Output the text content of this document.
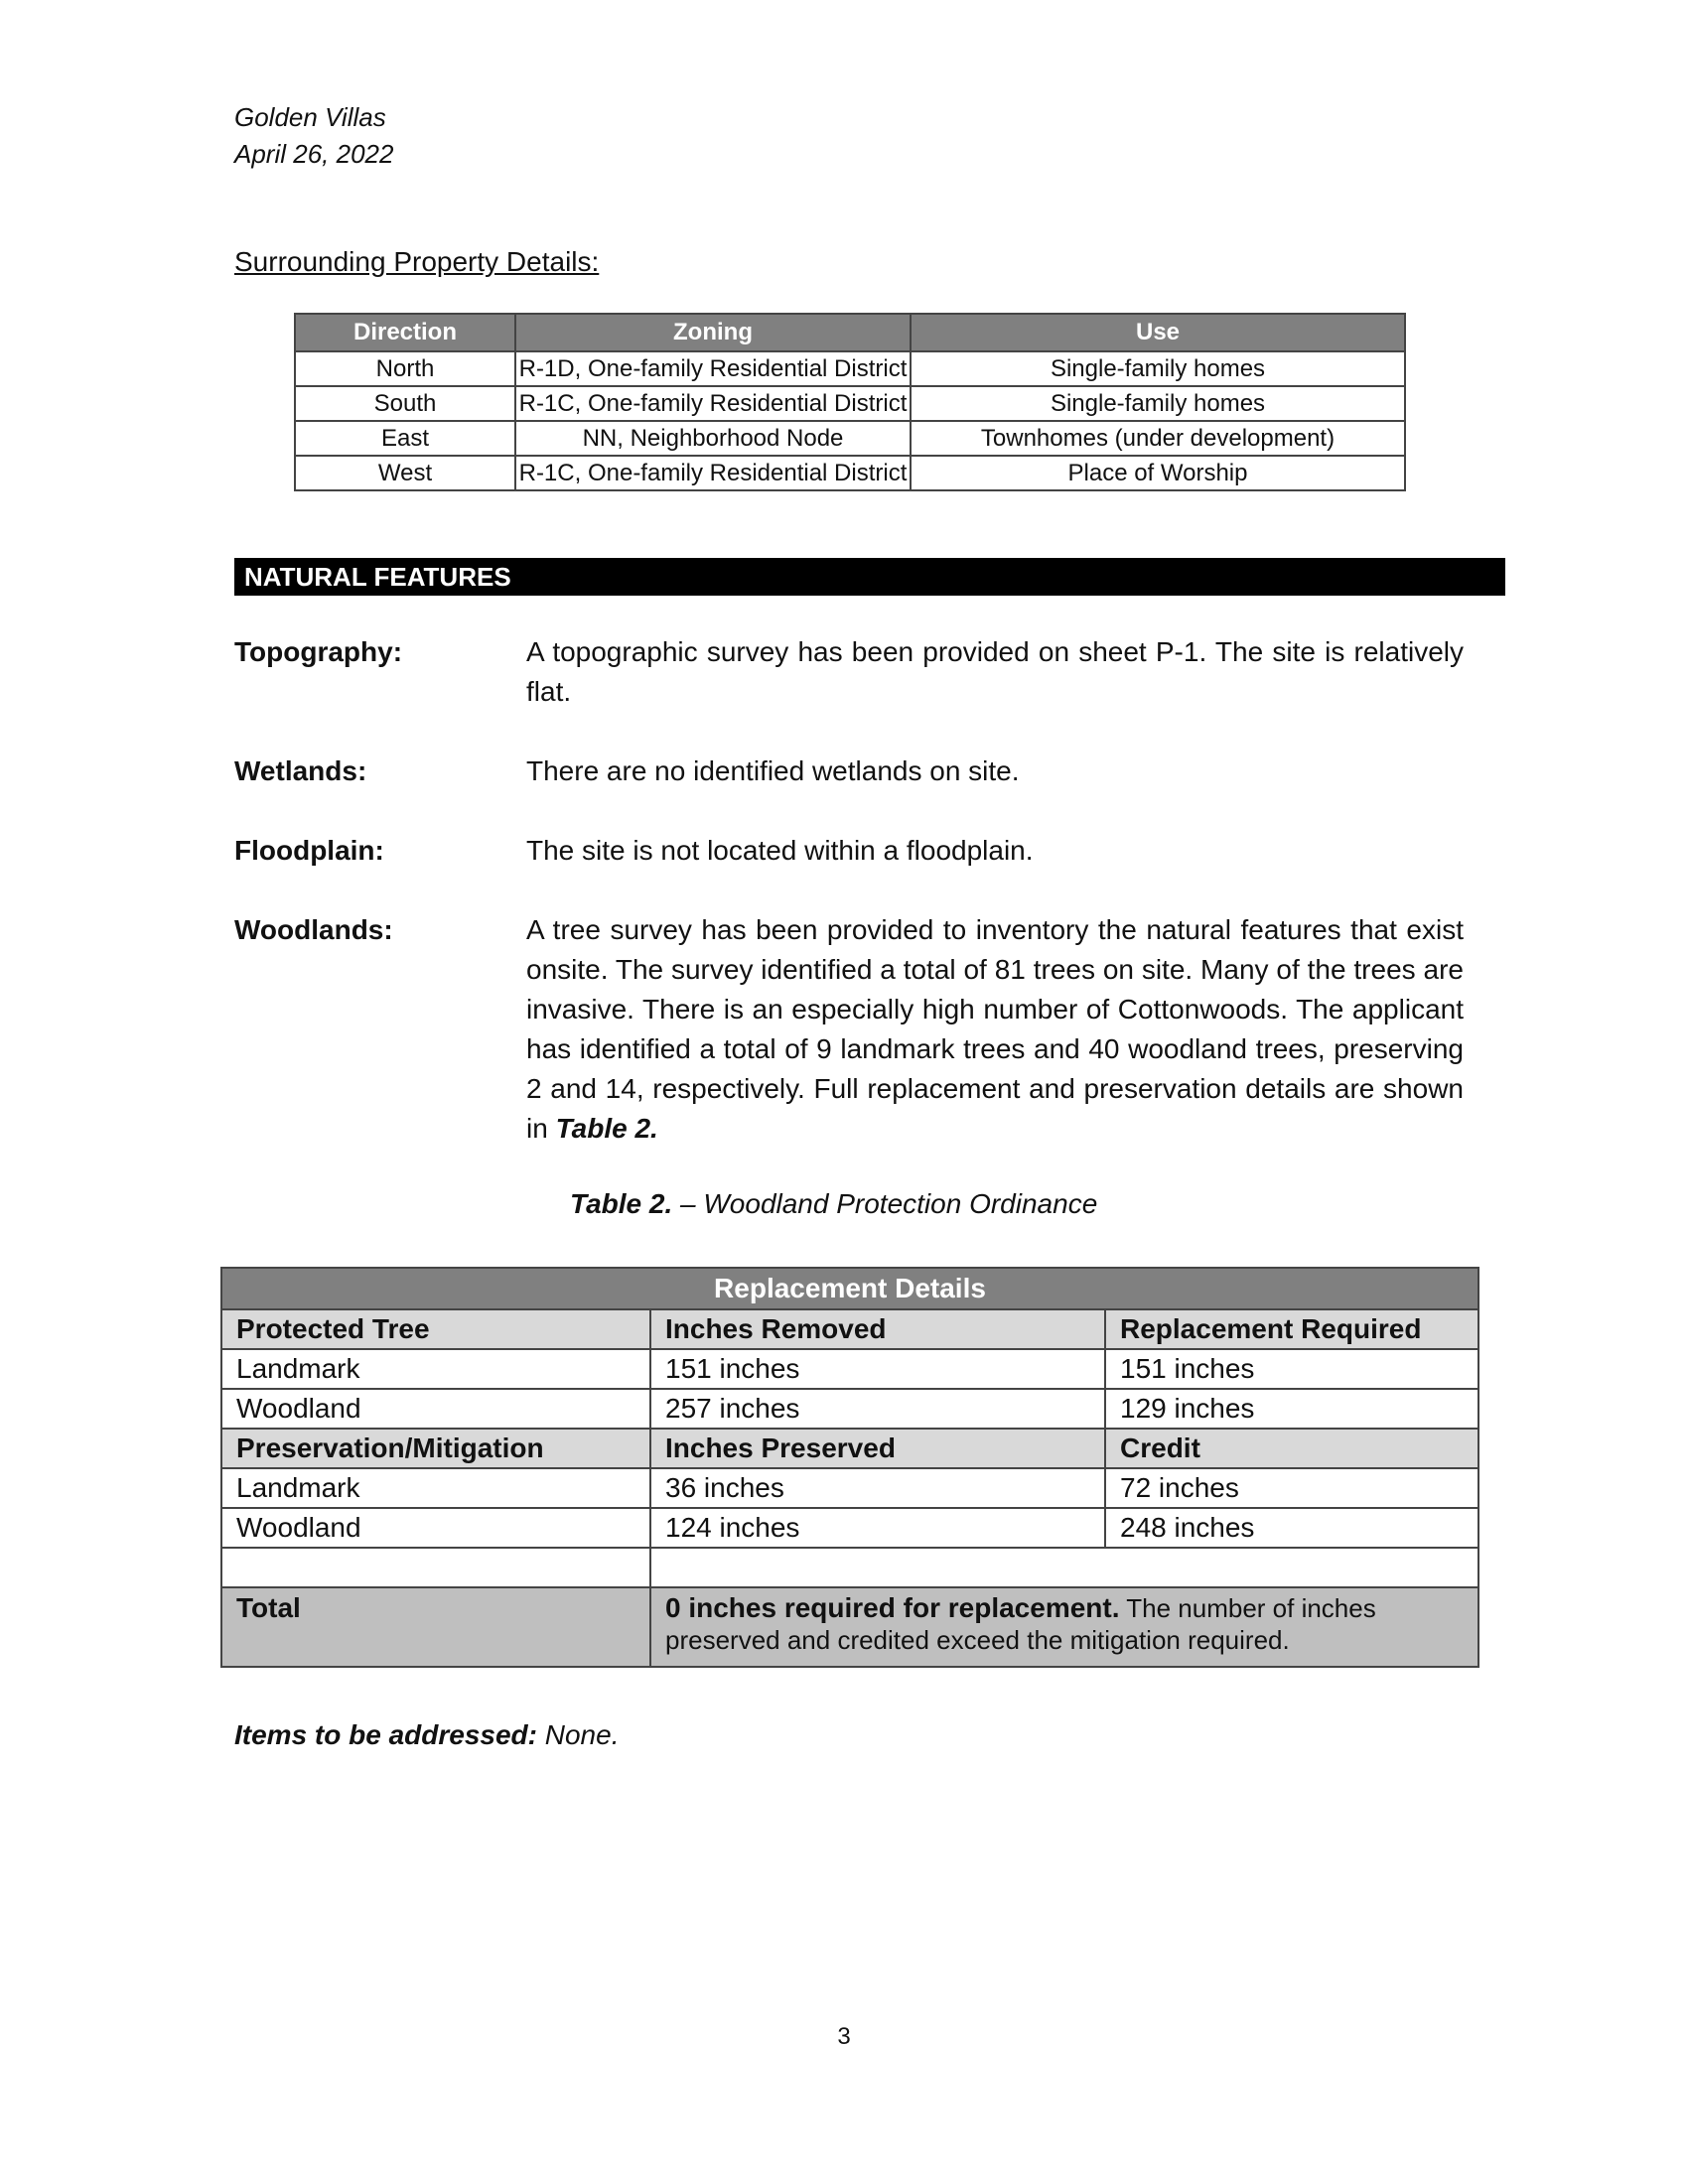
Golden Villas
April 26, 2022
Surrounding Property Details:
Direction	Zoning	Use
North	R-1D, One-family Residential District	Single-family homes
South	R-1C, One-family Residential District	Single-family homes
East	NN, Neighborhood Node	Townhomes (under development)
West	R-1C, One-family Residential District	Place of Worship
NATURAL FEATURES
Topography:	A topographic survey has been provided on sheet P-1. The site is relatively flat.
Wetlands:	There are no identified wetlands on site.
Floodplain:	The site is not located within a floodplain.
Woodlands:	A tree survey has been provided to inventory the natural features that exist onsite. The survey identified a total of 81 trees on site. Many of the trees are invasive. There is an especially high number of Cottonwoods. The applicant has identified a total of 9 landmark trees and 40 woodland trees, preserving 2 and 14, respectively. Full replacement and preservation details are shown in Table 2.
Table 2. – Woodland Protection Ordinance
Replacement Details		
Protected Tree	Inches Removed	Replacement Required
Landmark	151 inches	151 inches
Woodland	257 inches	129 inches
Preservation/Mitigation	Inches Preserved	Credit
Landmark	36 inches	72 inches
Woodland	124 inches	248 inches

Total	0 inches required for replacement. The number of inches preserved and credited exceed the mitigation required.	
Items to be addressed: None.
3
